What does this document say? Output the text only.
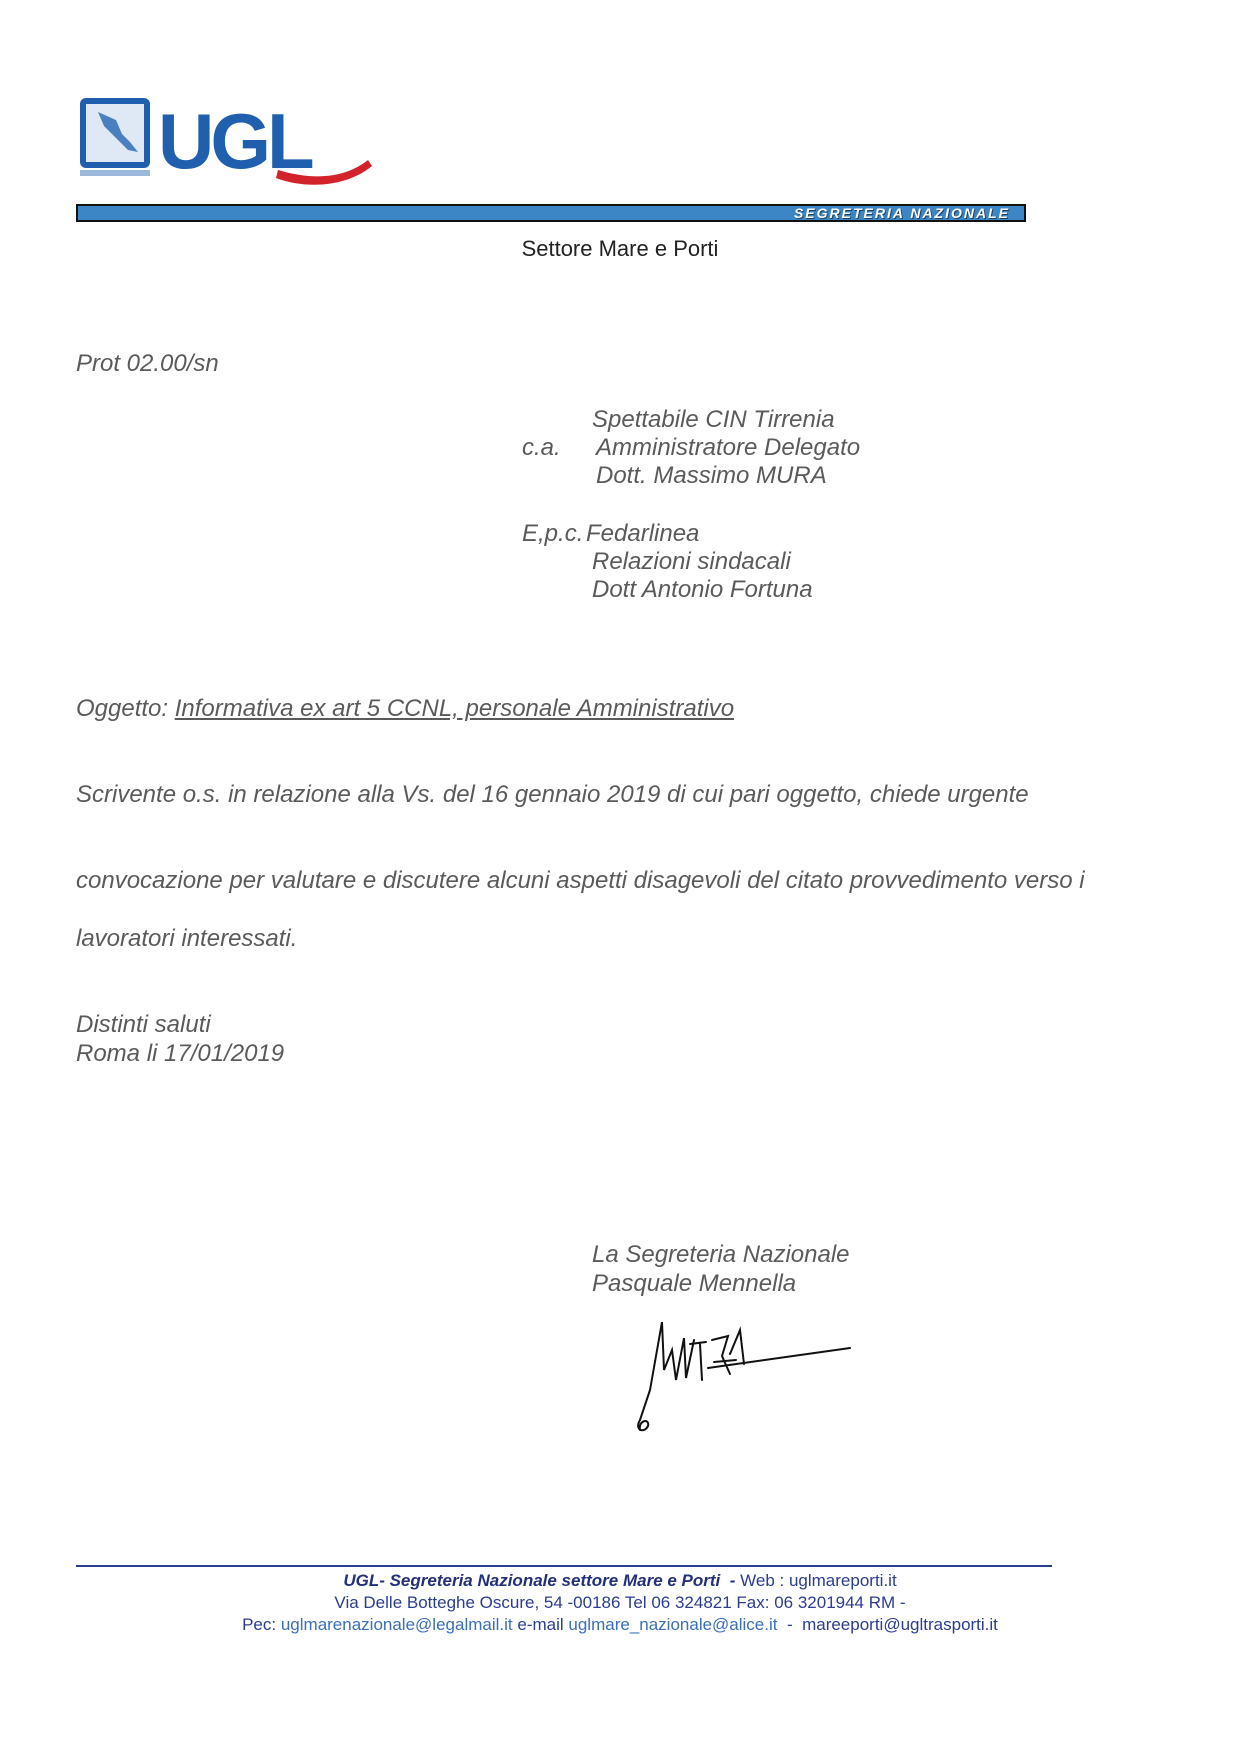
UGL
SEGRETERIA NAZIONALE
Settore Mare e Porti
Prot 02.00/sn
Spettabile CIN Tirrenia
c.a. Amministratore Delegato
Dott. Massimo MURA
E,p.c. Fedarlinea
Relazioni sindacali
Dott Antonio Fortuna
Oggetto: Informativa ex art 5 CCNL, personale Amministrativo
Scrivente o.s. in relazione alla Vs. del 16 gennaio 2019 di cui pari oggetto, chiede urgente
convocazione per valutare e discutere alcuni aspetti disagevoli del citato provvedimento verso i
lavoratori interessati.
Distinti saluti
Roma li 17/01/2019
La Segreteria Nazionale
Pasquale Mennella
UGL- Segreteria Nazionale settore Mare e Porti  - Web : uglmareporti.it
Via Delle Botteghe Oscure, 54 -00186 Tel 06 324821 Fax: 06 3201944 RM -
Pec: uglmarenazionale@legalmail.it e-mail uglmare_nazionale@alice.it - mareeporti@ugltrasporti.it
